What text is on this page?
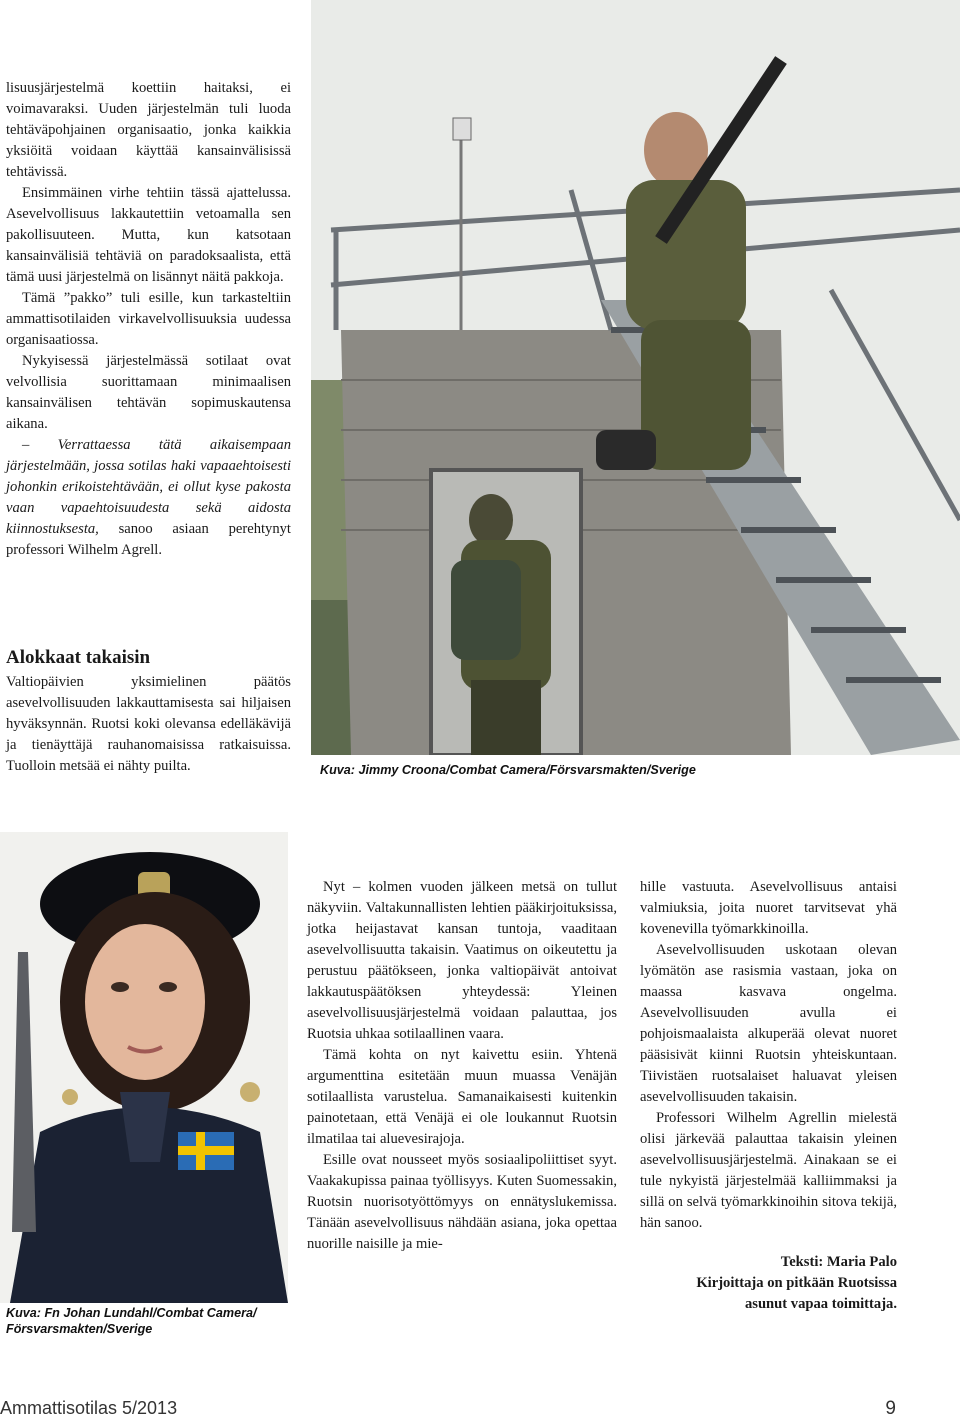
lisuusjärjestelmä koettiin haitaksi, ei voimavaraksi. Uuden järjestelmän tuli luoda tehtäväpohjainen organisaatio, jonka kaikkia yksiöitä voidaan käyttää kansainvälisissä tehtävissä.

Ensimmäinen virhe tehtiin tässä ajattelussa. Asevelvollisuus lakkautettiin vetoamalla sen pakollisuuteen. Mutta, kun katsotaan kansainvälisiä tehtäviä on paradoksaalista, että tämä uusi järjestelmä on lisännyt näitä pakkoja.

Tämä ”pakko” tuli esille, kun tarkasteltiin ammattisotilaiden virkavelvollisuuksia uudessa organisaatiossa.

Nykyisessä järjestelmässä sotilaat ovat velvollisia suorittamaan minimaalisen kansainvälisen tehtävän sopimuskautensa aikana.

– Verrattaessa tätä aikaisempaan järjestelmään, jossa sotilas haki vapaaehtoisesti johonkin erikoistehtävään, ei ollut kyse pakosta vaan vapaehtoisuudesta sekä aidosta kiinnostuksesta, sanoo asiaan perehtynyt professori Wilhelm Agrell.

Alokkaat takaisin

Valtiopäivien yksimielinen päätös asevelvollisuuden lakkauttamisesta sai hiljaisen hyväksynnän. Ruotsi koki olevansa edelläkävijä ja tienäyttäjä rauhanomaisissa ratkaisuissa. Tuolloin metsää ei nähty puilta.	Kuva: Jimmy Croona/Combat Camera/Försvarsmakten/Sverige
Kuva: Fn Johan Lundahl/Combat Camera/ Försvarsmakten/Sverige

Nyt – kolmen vuoden jälkeen metsä on tullut näkyviin. Valtakunnallisten lehtien pääkirjoituksissa, jotka heijastavat kansan tuntoja, vaaditaan asevelvollisuutta takaisin. Vaatimus on oikeutettu ja perustuu päätökseen, jonka valtiopäivät antoivat lakkautuspäätöksen yhteydessä: Yleinen asevelvollisuusjärjestelmä voidaan palauttaa, jos Ruotsia uhkaa sotilaallinen vaara.

Tämä kohta on nyt kaivettu esiin. Yhtenä argumenttina esitetään muun muassa Venäjän sotilaallista varustelua. Samanaikaisesti kuitenkin painotetaan, että Venäjä ei ole loukannut Ruotsin ilmatilaa tai aluevesirajoja.

Esille ovat nousseet myös sosiaalipoliittiset syyt. Vaakakupissa painaa työllisyys. Kuten Suomessakin, Ruotsin nuorisotyöttömyys on ennätyslukemissa. Tänään asevelvollisuus nähdään asiana, joka opettaa nuorille naisille ja mie-

hille vastuuta. Asevelvollisuus antaisi valmiuksia, joita nuoret tarvitsevat yhä kovenevilla työmarkkinoilla.

Asevelvollisuuden uskotaan olevan lyömätön ase rasismia vastaan, joka on maassa kasvava ongelma. Asevelvollisuuden avulla ei pohjoismaalaista alkuperää olevat nuoret pääsisivät kiinni Ruotsin yhteiskuntaan. Tiivistäen ruotsalaiset haluavat yleisen asevelvollisuuden takaisin.

Professori Wilhelm Agrellin mielestä olisi järkevää palauttaa takaisin yleinen asevelvollisuusjärjestelmä. Ainakaan se ei tule nykyistä järjestelmää kalliimmaksi ja sillä on selvä työmarkkinoihin sitova tekijä, hän sanoo.

Teksti: Maria Palo
Kirjoittaja on pitkään Ruotsissa
asunut vapaa toimittaja.
Ammattisotilas 5/2013	9
